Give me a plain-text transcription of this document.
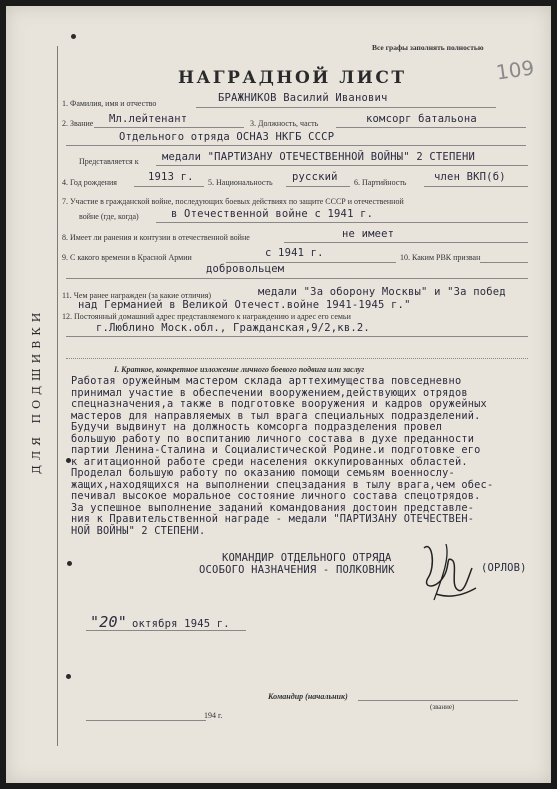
ДЛЯ ПОДШИВКИ
Все графы заполнять полностью
109
НАГРАДНОЙ ЛИСТ
1. Фамилия, имя и отчество	БРАЖНИКОВ Василий Иванович
2. Звание Мл.лейтенант	3. Должность, часть	комсорг батальона
Отдельного отряда ОСНАЗ НКГБ СССР
Представляется к медали "ПАРТИЗАНУ ОТЕЧЕСТВЕННОЙ ВОЙНЫ" 2 СТЕПЕНИ
4. Год рождения	1913 г. 5. Национальность русский 6. Партийность	член ВКП(б)
7. Участие в гражданской войне, последующих боевых действиях по защите СССР и отечественной
войне (где, когда)	в Отечественной войне с 1941 г.
8. Имеет ли ранения и контузии в отечественной войне	не имеет
9. С какого времени в Красной Армии	с 1941 г.	10. Каким РВК призван
добровольцем
11. Чем ранее награжден (за какие отличия)	медали "За оборону Москвы" и "За побед
над Германией в Великой Отечест.войне 1941-1945 г."
12. Постоянный домашний адрес представляемого к награждению и адрес его семьи
г.Люблино Моск.обл., Гражданская,9/2,кв.2.
I. Краткое, конкретное изложение личного боевого подвига или заслуг
Работая оружейным мастером склада арттехимущества повседневно
принимал участие в обеспечении вооружением,действующих отрядов
спецназначения,а также в подготовке вооружения и кадров оружейных
мастеров для направляемых в тыл врага специальных подразделений.
Будучи выдвинут на должность комсорга подразделения провел
большую работу по воспитанию личного состава в духе преданности
партии Ленина-Сталина и Социалистической Родине.и подготовке его
к агитационной работе среди населения оккупированных областей.
Проделал большую работу по оказанию помощи семьям военнослу-
жащих,находящихся на выполнении спецзадания в тылу врага,чем обес-
печивал высокое моральное состояние личного состава спецотрядов.
За успешное выполнение заданий командования достоин представле-
ния к Правительственной награде - медали "ПАРТИЗАНУ ОТЕЧЕСТВЕН-
НОЙ ВОЙНЫ" 2 СТЕПЕНИ.
КОМАНДИР ОТДЕЛЬНОГО ОТРЯДА
ОСОБОГО НАЗНАЧЕНИЯ - ПОЛКОВНИК	(ОРЛОВ)
"20" октября 1945 г.
Командир (начальник)
(звание)
194 г.
